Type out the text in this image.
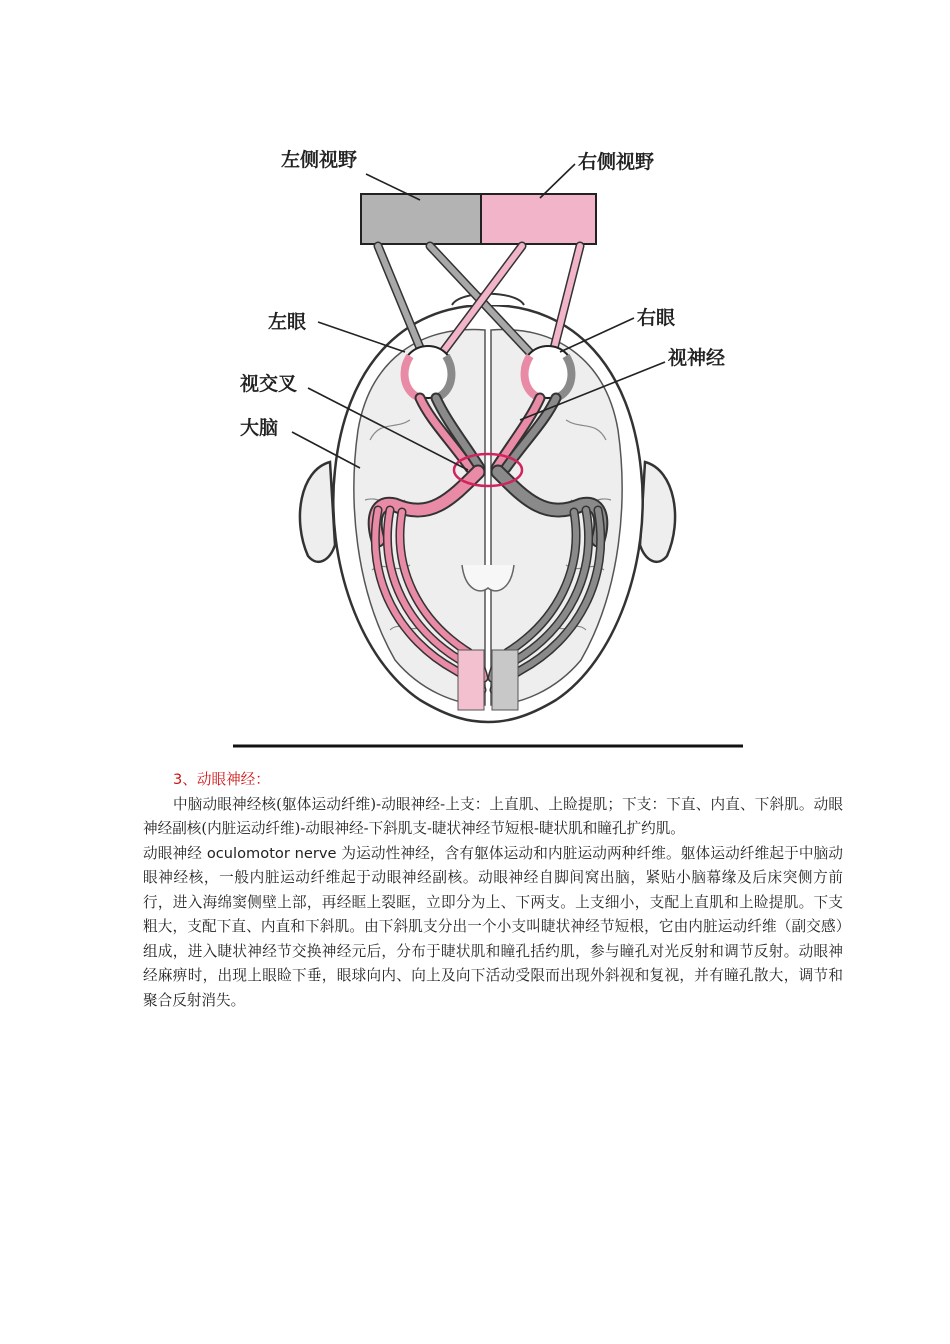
左侧视野	右侧视野
左眼	右眼
视神经
视交叉
大脑
3、动眼神经：
中脑动眼神经核(躯体运动纤维)-动眼神经-上支：上直肌、上睑提肌；下支：下直、内直、下斜肌。动眼神经副核(内脏运动纤维)-动眼神经-下斜肌支-睫状神经节短根-睫状肌和瞳孔扩约肌。
动眼神经 oculomotor nerve 为运动性神经，含有躯体运动和内脏运动两种纤维。躯体运动纤维起于中脑动眼神经核，一般内脏运动纤维起于动眼神经副核。动眼神经自脚间窝出脑，紧贴小脑幕缘及后床突侧方前行，进入海绵窦侧壁上部，再经眶上裂眶，立即分为上、下两支。上支细小，支配上直肌和上睑提肌。下支粗大，支配下直、内直和下斜肌。由下斜肌支分出一个小支叫睫状神经节短根，它由内脏运动纤维（副交感）组成，进入睫状神经节交换神经元后，分布于睫状肌和瞳孔括约肌，参与瞳孔对光反射和调节反射。动眼神经麻痹时，出现上眼睑下垂，眼球向内、向上及向下活动受限而出现外斜视和复视，并有瞳孔散大，调节和聚合反射消失。
